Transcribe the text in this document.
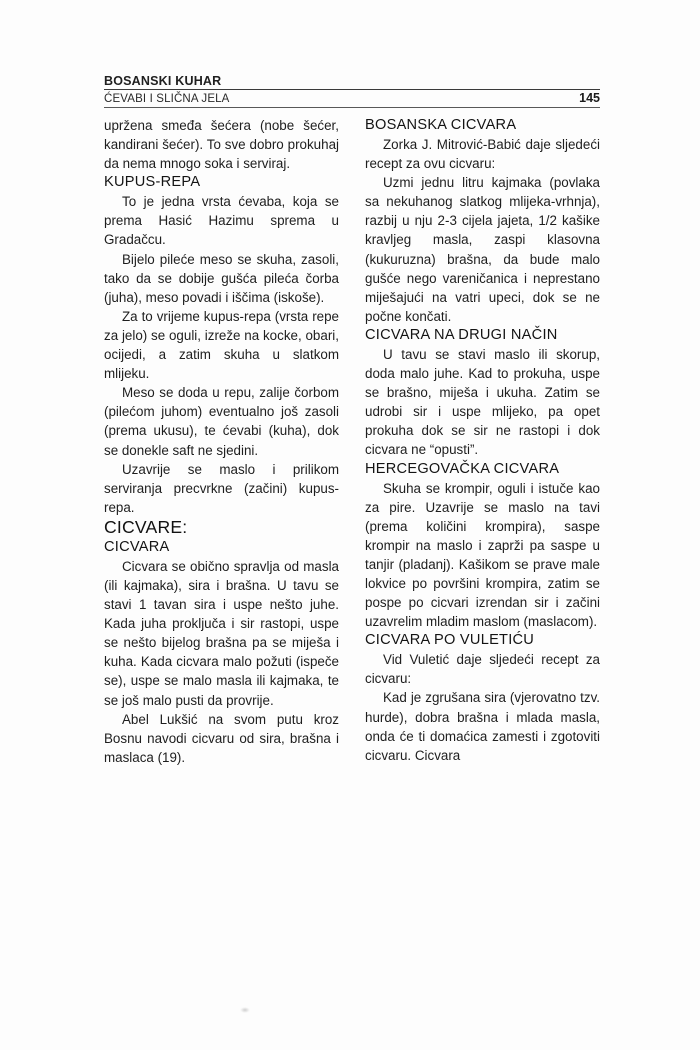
BOSANSKI KUHAR
ĆEVABI I SLIČNA JELA	145

upržena smeđa šećera (nobe šećer, kandirani šećer). To sve dobro prokuhaj da nema mnogo soka i serviraj.

KUPUS-REPA

To je jedna vrsta ćevaba, koja se prema Hasić Hazimu sprema u Gradačcu.

Bijelo pileće meso se skuha, zasoli, tako da se dobije gušća pileća čorba (juha), meso povadi i iščima (iskoše).

Za to vrijeme kupus-repa (vrsta repe za jelo) se oguli, izreže na kocke, obari, ocijedi, a zatim skuha u slatkom mlijeku.

Meso se doda u repu, zalije čorbom (pilećom juhom) eventualno još zasoli (prema ukusu), te ćevabi (kuha), dok se donekle saft ne sjedini.

Uzavrije se maslo i prilikom serviranja precvrkne (začini) kupus-repa.

CICVARE:
CICVARA

Cicvara se obično spravlja od masla (ili kajmaka), sira i brašna. U tavu se stavi 1 tavan sira i uspe nešto juhe. Kada juha proključa i sir rastopi, uspe se nešto bijelog brašna pa se miješa i kuha. Kada cicvara malo požuti (ispeče se), uspe se malo masla ili kajmaka, te se još malo pusti da provrije.

Abel Lukšić na svom putu kroz Bosnu navodi cicvaru od sira, brašna i maslaca (19).

BOSANSKA CICVARA

Zorka J. Mitrović-Babić daje sljedeći recept za ovu cicvaru:

Uzmi jednu litru kajmaka (povlaka sa nekuhanog slatkog mlijeka-vrhnja), razbij u nju 2-3 cijela jajeta, 1/2 kašike kravljeg masla, zaspi klasovna (kukuruzna) brašna, da bude malo gušće nego vareničanica i neprestano miješajući na vatri upeci, dok se ne počne končati.

CICVARA NA DRUGI NAČIN

U tavu se stavi maslo ili skorup, doda malo juhe. Kad to prokuha, uspe se brašno, miješa i ukuha. Zatim se udrobi sir i uspe mlijeko, pa opet prokuha dok se sir ne rastopi i dok cicvara ne “opusti”.

HERCEGOVAČKA CICVARA

Skuha se krompir, oguli i istuče kao za pire. Uzavrije se maslo na tavi (prema količini krompira), saspe krompir na maslo i zaprži pa saspe u tanjir (pladanj). Kašikom se prave male lokvice po površini krompira, zatim se pospe po cicvari izrendan sir i začini uzavrelim mladim maslom (maslacom).

CICVARA PO VULETIĆU

Vid Vuletić daje sljedeći recept za cicvaru:

Kad je zgrušana sira (vjerovatno tzv. hurde), dobra brašna i mlada masla, onda će ti domaćica zamesti i zgotoviti cicvaru. Cicvara
